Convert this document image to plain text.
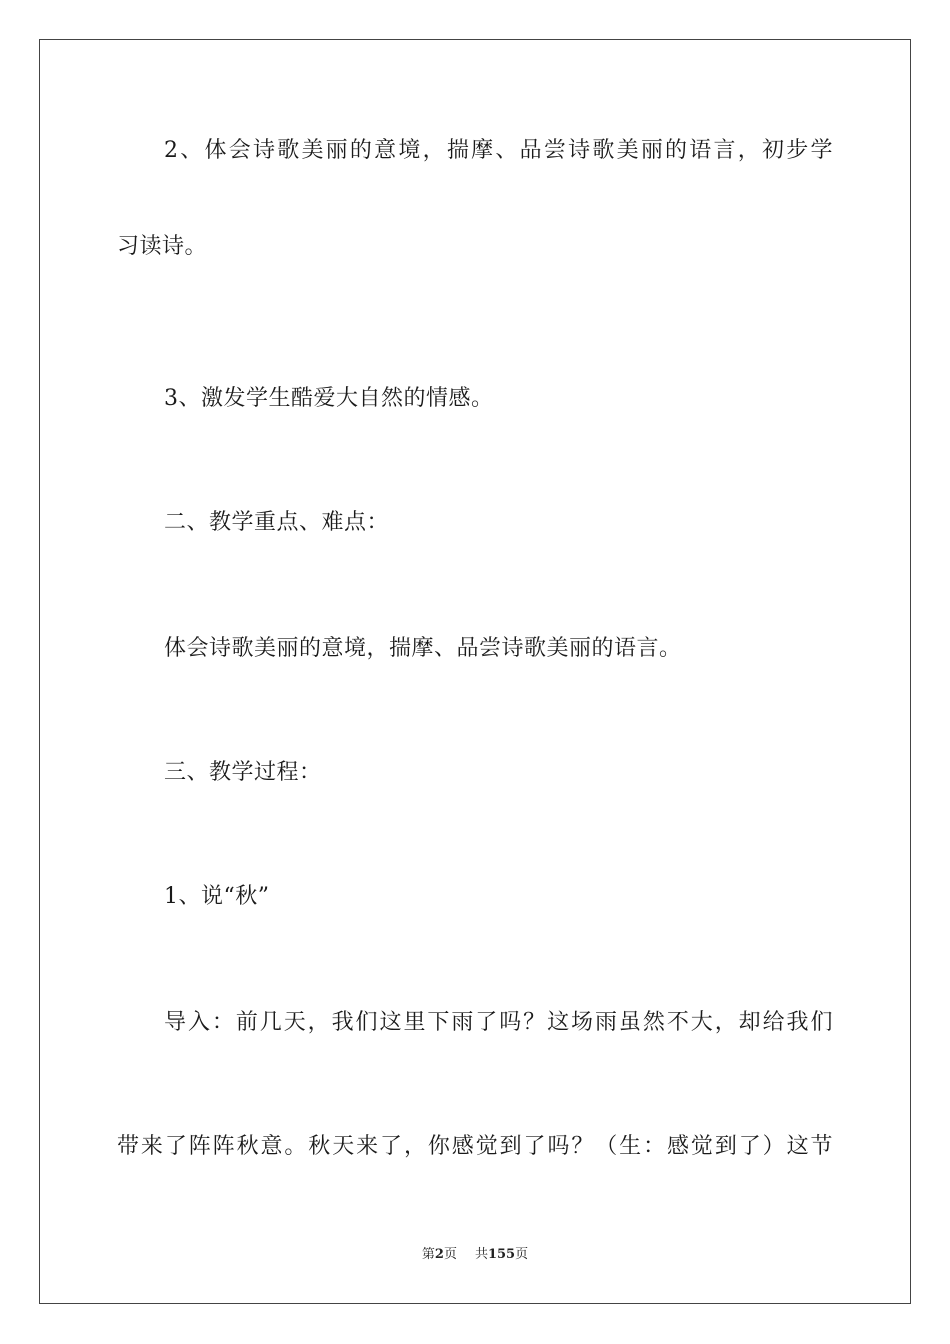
2、体会诗歌美丽的意境，揣摩、品尝诗歌美丽的语言，初步学
习读诗。
3、激发学生酷爱大自然的情感。
二、教学重点、难点：
体会诗歌美丽的意境，揣摩、品尝诗歌美丽的语言。
三、教学过程：
1、说“秋”
导入：前几天，我们这里下雨了吗？这场雨虽然不大，却给我们
带来了阵阵秋意。秋天来了，你感觉到了吗？（生：感觉到了）这节
第2页 共155页
